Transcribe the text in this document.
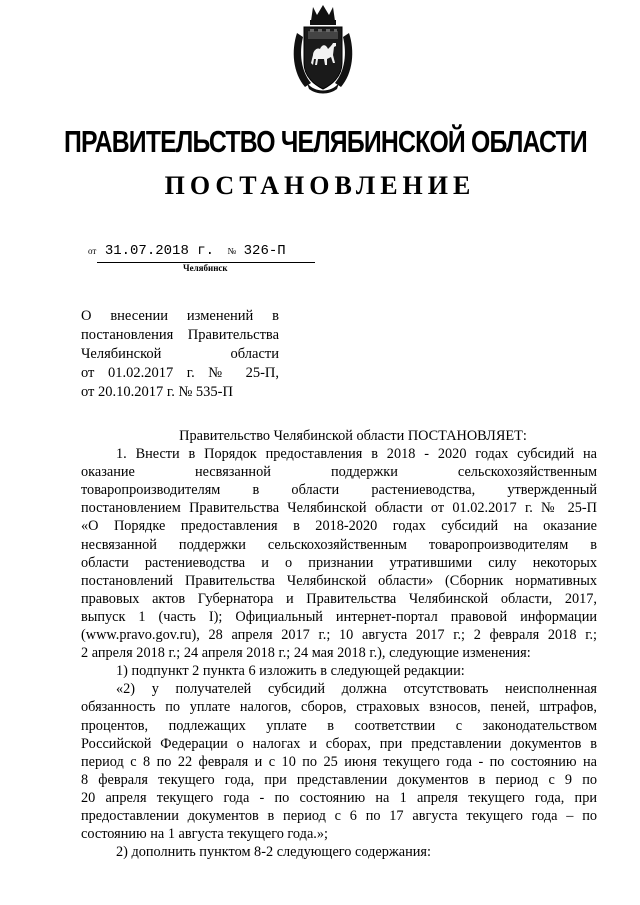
ПРАВИТЕЛЬСТВО ЧЕЛЯБИНСКОЙ ОБЛАСТИ
ПОСТАНОВЛЕНИЕ
от 31.07.2018 г. № 326-П
Челябинск
О внесении изменений в
постановления Правительства
Челябинской области
от 01.02.2017 г. № 25-П,
от 20.10.2017 г. № 535-П
Правительство Челябинской области ПОСТАНОВЛЯЕТ:
1. Внести в Порядок предоставления в 2018 - 2020 годах субсидий на
оказание несвязанной поддержки сельскохозяйственным
товаропроизводителям в области растениеводства, утвержденный
постановлением Правительства Челябинской области от 01.02.2017 г. № 25-П
«О Порядке предоставления в 2018-2020 годах субсидий на оказание
несвязанной поддержки сельскохозяйственным товаропроизводителям в
области растениеводства и о признании утратившими силу некоторых
постановлений Правительства Челябинской области» (Сборник нормативных
правовых актов Губернатора и Правительства Челябинской области, 2017,
выпуск 1 (часть I); Официальный интернет-портал правовой информации
(www.pravo.gov.ru), 28 апреля 2017 г.; 10 августа 2017 г.; 2 февраля 2018 г.;
2 апреля 2018 г.; 24 апреля 2018 г.; 24 мая 2018 г.), следующие изменения:
1) подпункт 2 пункта 6 изложить в следующей редакции:
«2) у получателей субсидий должна отсутствовать неисполненная
обязанность по уплате налогов, сборов, страховых взносов, пеней, штрафов,
процентов, подлежащих уплате в соответствии с законодательством
Российской Федерации о налогах и сборах, при представлении документов в
период с 8 по 22 февраля и с 10 по 25 июня текущего года - по состоянию на
8 февраля текущего года, при представлении документов в период с 9 по
20 апреля текущего года - по состоянию на 1 апреля текущего года, при
предоставлении документов в период с 6 по 17 августа текущего года – по
состоянию на 1 августа текущего года.»;
2) дополнить пунктом 8-2 следующего содержания:
